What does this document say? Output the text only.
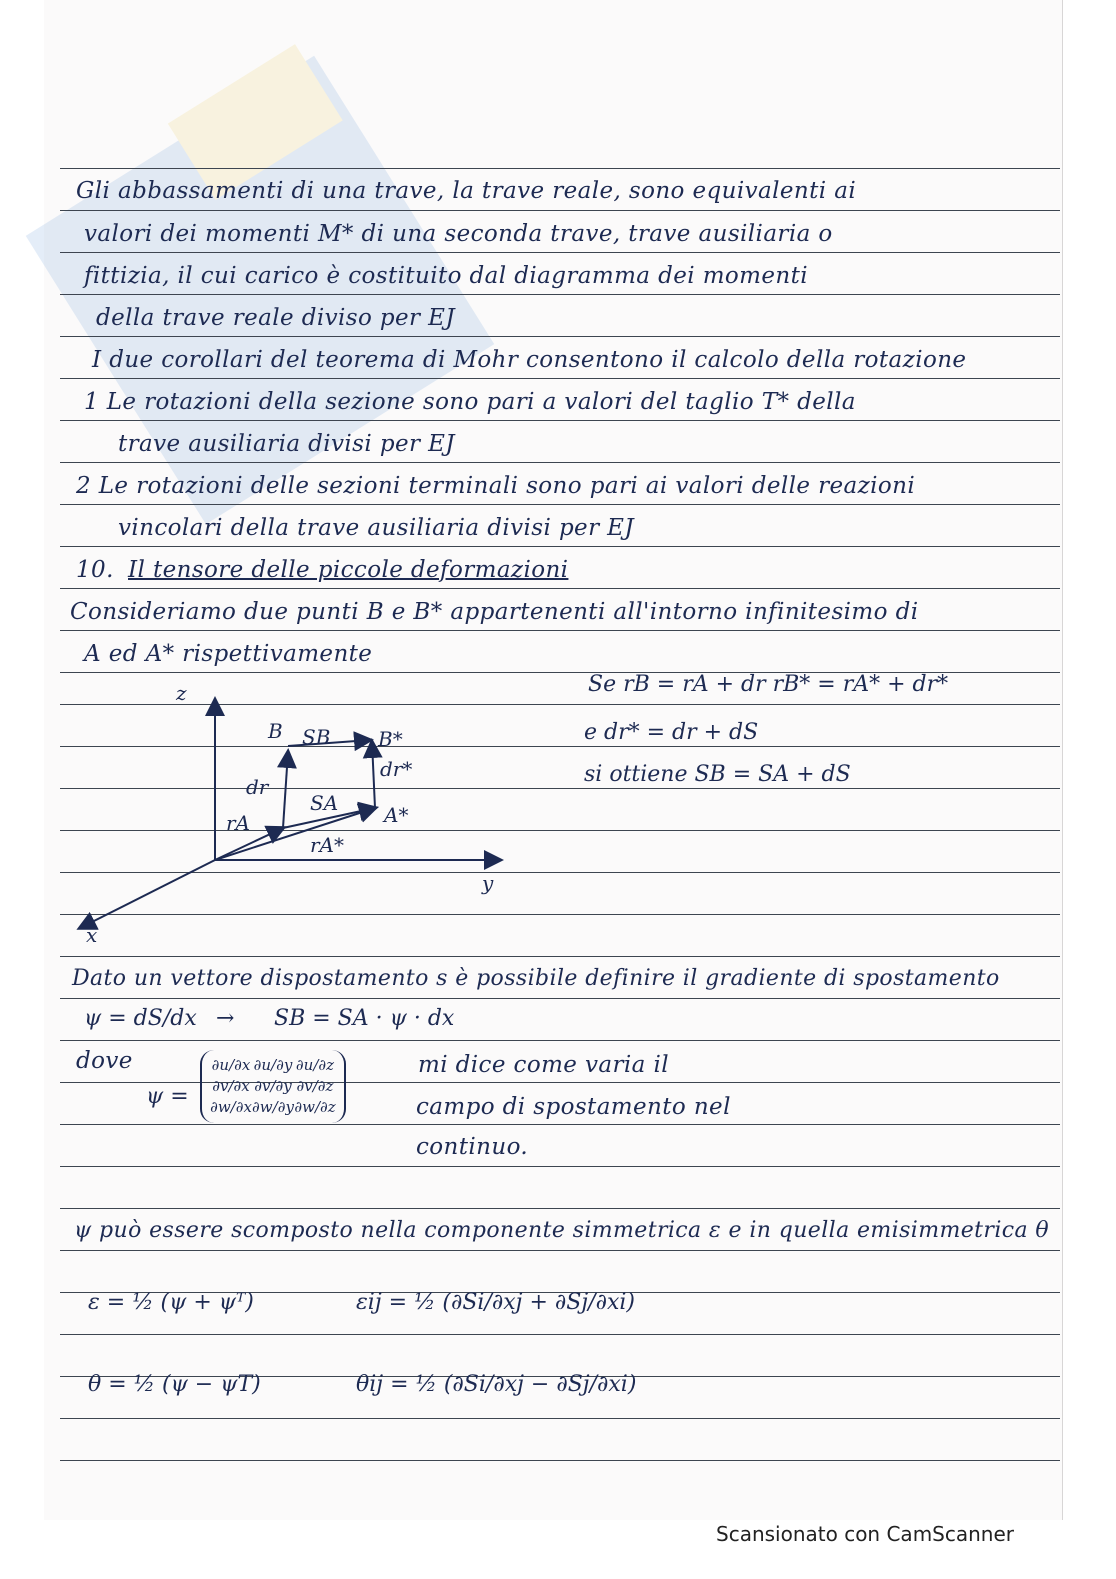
Gli abbassamenti di una trave, la trave reale, sono equivalenti ai
valori dei momenti M* di una seconda trave, trave ausiliaria o
fittizia, il cui carico è costituito dal diagramma dei momenti
della trave reale diviso per EJ
I due corollari del teorema di Mohr consentono il calcolo della rotazione
1 Le rotazioni della sezione sono pari a valori del taglio T* della
trave ausiliaria divisi per EJ
2 Le rotazioni delle sezioni terminali sono pari ai valori delle reazioni
vincolari della trave ausiliaria divisi per EJ
10. Il tensore delle piccole deformazioni
Consideriamo due punti B e B* appartenenti all'intorno infinitesimo di
A ed A* rispettivamente
z
y
x
B SB B*
dr*
dr
SA A*
rA
rA*
Se rB = rA + dr rB* = rA* + dr*
e dr* = dr + dS
si ottiene SB = SA + dS
Dato un vettore dispostamento s è possibile definire il gradiente di spostamento
ψ = dS/dx → SB = SA · ψ · dx
dove
ψ =
∂u/∂x ∂u/∂y ∂u/∂z
∂v/∂x ∂v/∂y ∂v/∂z
∂w/∂x ∂w/∂y ∂w/∂z
mi dice come varia il
campo di spostamento nel
continuo.
ψ può essere scomposto nella componente simmetrica ε e in quella emisimmetrica θ
ε = ½ (ψ + ψᵀ)	εij = ½ (∂Si/∂xj + ∂Sj/∂xi)
θ = ½ (ψ − ψT)	θij = ½ (∂Si/∂xj − ∂Sj/∂xi)
Scansionato con CamScanner
